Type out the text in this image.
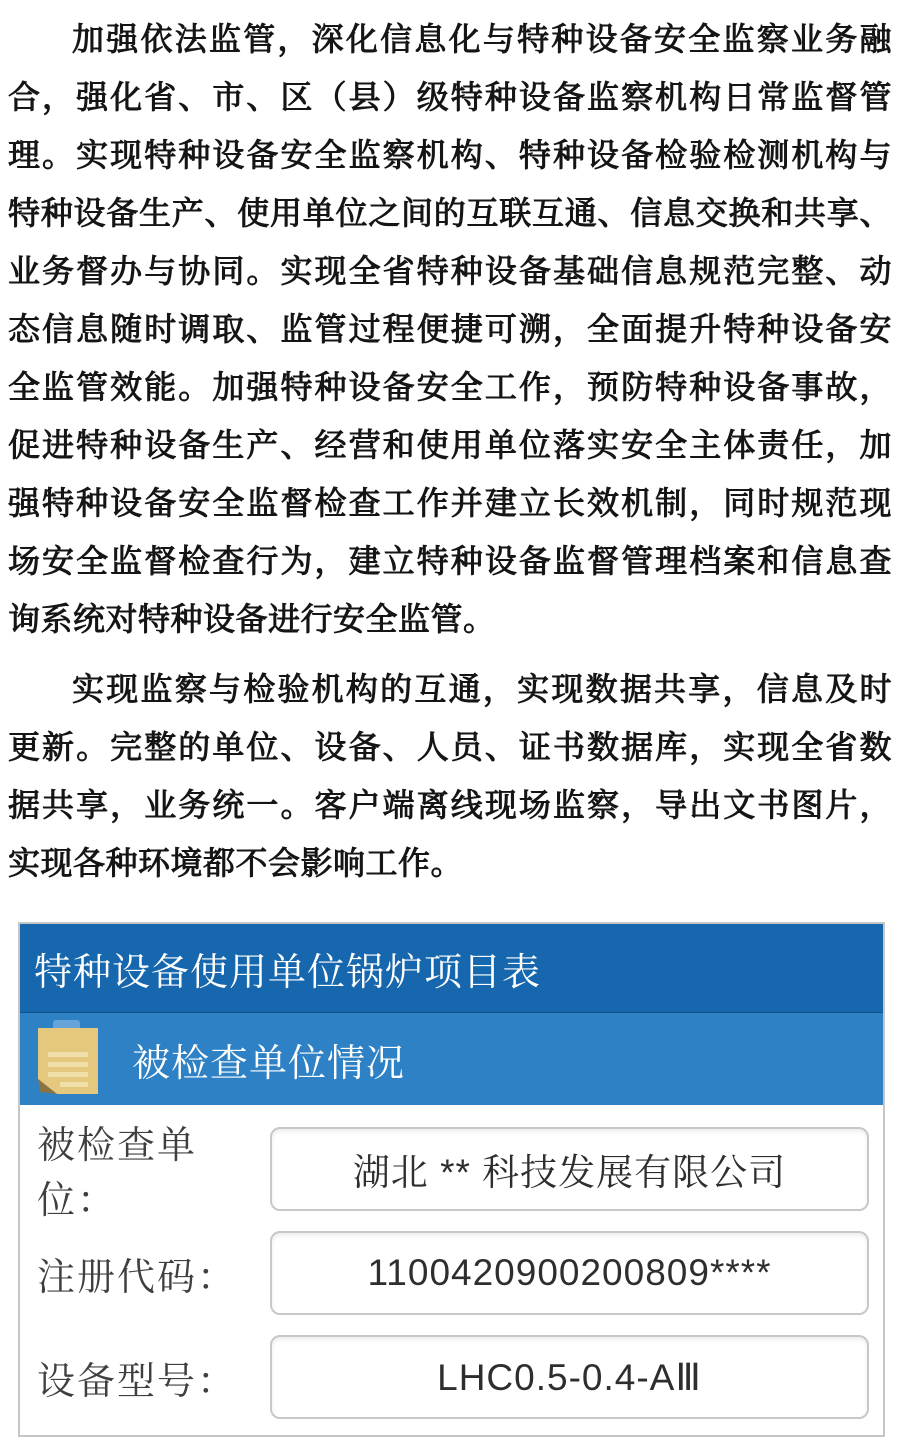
加强依法监管，深化信息化与特种设备安全监察业务融
合，强化省、市、区（县）级特种设备监察机构日常监督管
理。实现特种设备安全监察机构、特种设备检验检测机构与
特种设备生产、使用单位之间的互联互通、信息交换和共享、
业务督办与协同。实现全省特种设备基础信息规范完整、动
态信息随时调取、监管过程便捷可溯，全面提升特种设备安
全监管效能。加强特种设备安全工作，预防特种设备事故，
促进特种设备生产、经营和使用单位落实安全主体责任，加
强特种设备安全监督检查工作并建立长效机制，同时规范现
场安全监督检查行为，建立特种设备监督管理档案和信息查
询系统对特种设备进行安全监管。
实现监察与检验机构的互通，实现数据共享，信息及时
更新。完整的单位、设备、人员、证书数据库，实现全省数
据共享，业务统一。客户端离线现场监察，导出文书图片，
实现各种环境都不会影响工作。
特种设备使用单位锅炉项目表
被检查单位情况
被检查单位：
湖北 ** 科技发展有限公司
注册代码：	1100420900200809****
设备型号：	LHC0.5-0.4-AⅢ
